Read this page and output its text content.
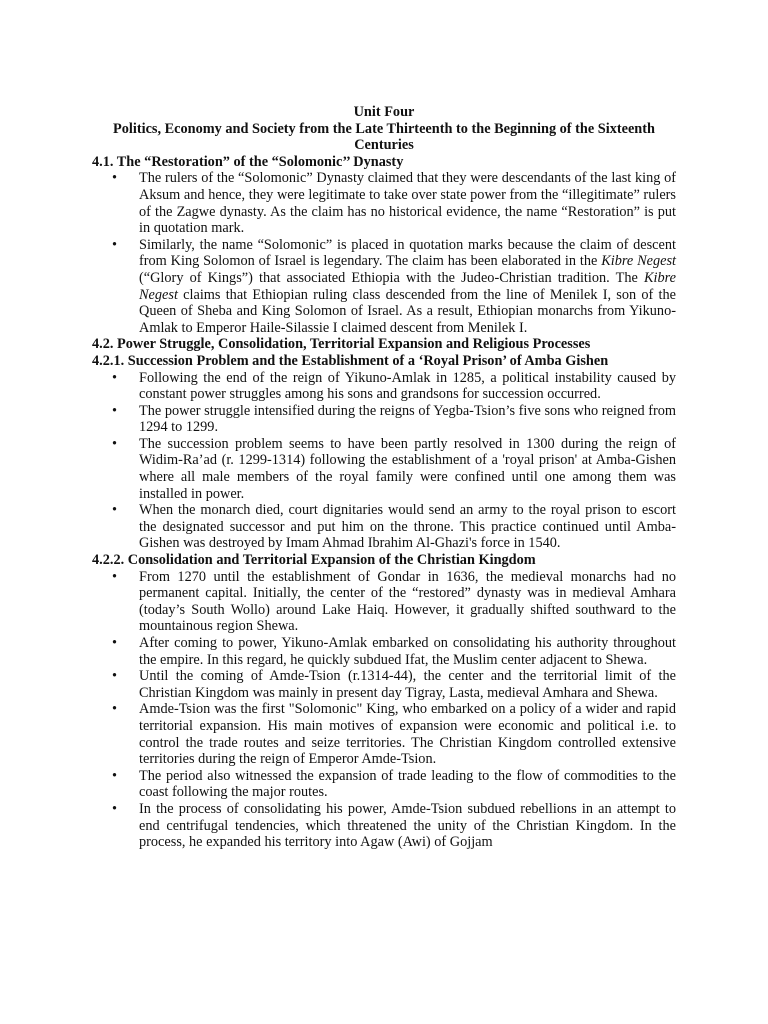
Unit Four
Politics, Economy and Society from the Late Thirteenth to the Beginning of the Sixteenth Centuries

4.1. The “Restoration” of the “Solomonic’’ Dynasty

• The rulers of the “Solomonic” Dynasty claimed that they were descendants of the last king of Aksum and hence, they were legitimate to take over state power from the “illegitimate” rulers of the Zagwe dynasty. As the claim has no historical evidence, the name “Restoration” is put in quotation mark.
• Similarly, the name “Solomonic” is placed in quotation marks because the claim of descent from King Solomon of Israel is legendary. The claim has been elaborated in the Kibre Negest (“Glory of Kings”) that associated Ethiopia with the Judeo-Christian tradition. The Kibre Negest claims that Ethiopian ruling class descended from the line of Menilek I, son of the Queen of Sheba and King Solomon of Israel. As a result, Ethiopian monarchs from Yikuno- Amlak to Emperor Haile-Silassie I claimed descent from Menilek I.

4.2. Power Struggle, Consolidation, Territorial Expansion and Religious Processes

4.2.1. Succession Problem and the Establishment of a ‘Royal Prison’ of Amba Gishen

• Following the end of the reign of Yikuno-Amlak in 1285, a political instability caused by constant power struggles among his sons and grandsons for succession occurred.
• The power struggle intensified during the reigns of Yegba-Tsion’s five sons who reigned from 1294 to 1299.
• The succession problem seems to have been partly resolved in 1300 during the reign of Widim-Ra’ad (r. 1299-1314) following the establishment of a 'royal prison' at Amba-Gishen where all male members of the royal family were confined until one among them was installed in power.
• When the monarch died, court dignitaries would send an army to the royal prison to escort the designated successor and put him on the throne. This practice continued until Amba-Gishen was destroyed by Imam Ahmad Ibrahim Al-Ghazi's force in 1540.

4.2.2. Consolidation and Territorial Expansion of the Christian Kingdom

• From 1270 until the establishment of Gondar in 1636, the medieval monarchs had no permanent capital. Initially, the center of the “restored” dynasty was in medieval Amhara (today’s South Wollo) around Lake Haiq. However, it gradually shifted southward to the mountainous region Shewa.
• After coming to power, Yikuno-Amlak embarked on consolidating his authority throughout the empire. In this regard, he quickly subdued Ifat, the Muslim center adjacent to Shewa.
• Until the coming of Amde-Tsion (r.1314-44), the center and the territorial limit of the Christian Kingdom was mainly in present day Tigray, Lasta, medieval Amhara and Shewa.
• Amde-Tsion was the first "Solomonic" King, who embarked on a policy of a wider and rapid territorial expansion. His main motives of expansion were economic and political i.e. to control the trade routes and seize territories. The Christian Kingdom controlled extensive territories during the reign of Emperor Amde-Tsion.
• The period also witnessed the expansion of trade leading to the flow of commodities to the coast following the major routes.
• In the process of consolidating his power, Amde-Tsion subdued rebellions in an attempt to end centrifugal tendencies, which threatened the unity of the Christian Kingdom. In the process, he expanded his territory into Agaw (Awi) of Gojjam
